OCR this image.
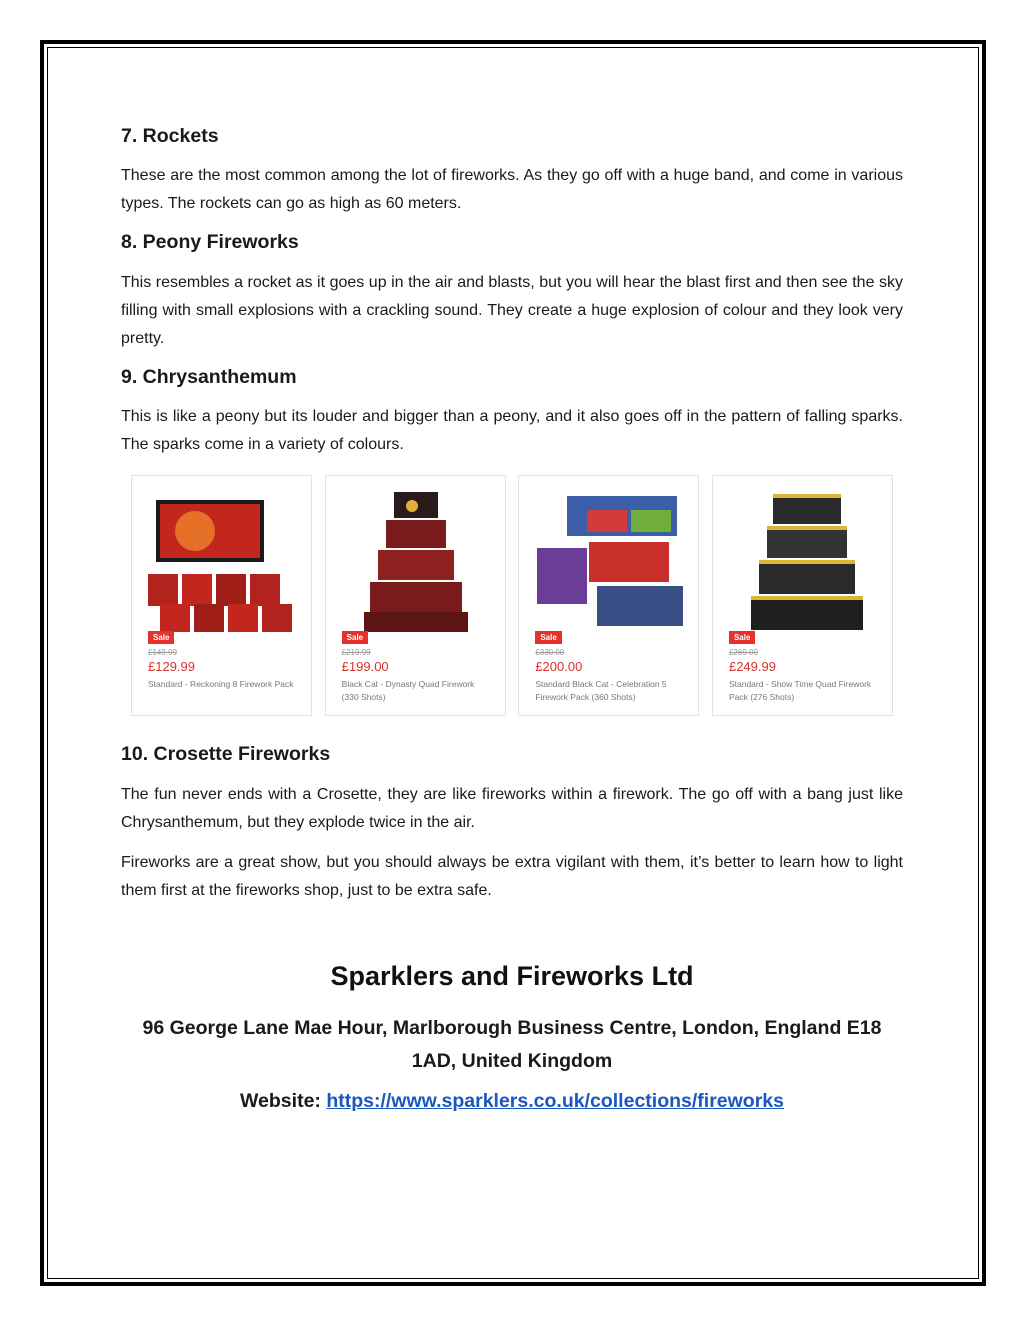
7. Rockets

These are the most common among the lot of fireworks. As they go off with a huge band, and come in various types. The rockets can go as high as 60 meters.

8. Peony Fireworks

This resembles a rocket as it goes up in the air and blasts, but you will hear the blast first and then see the sky filling with small explosions with a crackling sound. They create a huge explosion of colour and they look very pretty.

9. Chrysanthemum

This is like a peony but its louder and bigger than a peony, and it also goes off in the pattern of falling sparks. The sparks come in a variety of colours.

Sale
£149.99
£129.99
Standard - Reckoning 8 Firework Pack
Sale
£219.99
£199.00
Black Cat - Dynasty Quad Firework (330 Shots)
Sale
£330.00
£200.00
Standard Black Cat - Celebration 5 Firework Pack (360 Shots)
Sale
£269.00
£249.99
Standard - Show Time Quad Firework Pack (276 Shots)
10. Crosette Fireworks

The fun never ends with a Crosette, they are like fireworks within a firework. The go off with a bang just like Chrysanthemum, but they explode twice in the air.

Fireworks are a great show, but you should always be extra vigilant with them, it’s better to learn how to light them first at the fireworks shop, just to be extra safe.

Sparklers and Fireworks Ltd
96 George Lane Mae Hour, Marlborough Business Centre, London, England E18
1AD, United Kingdom
Website: https://www.sparklers.co.uk/collections/fireworks
